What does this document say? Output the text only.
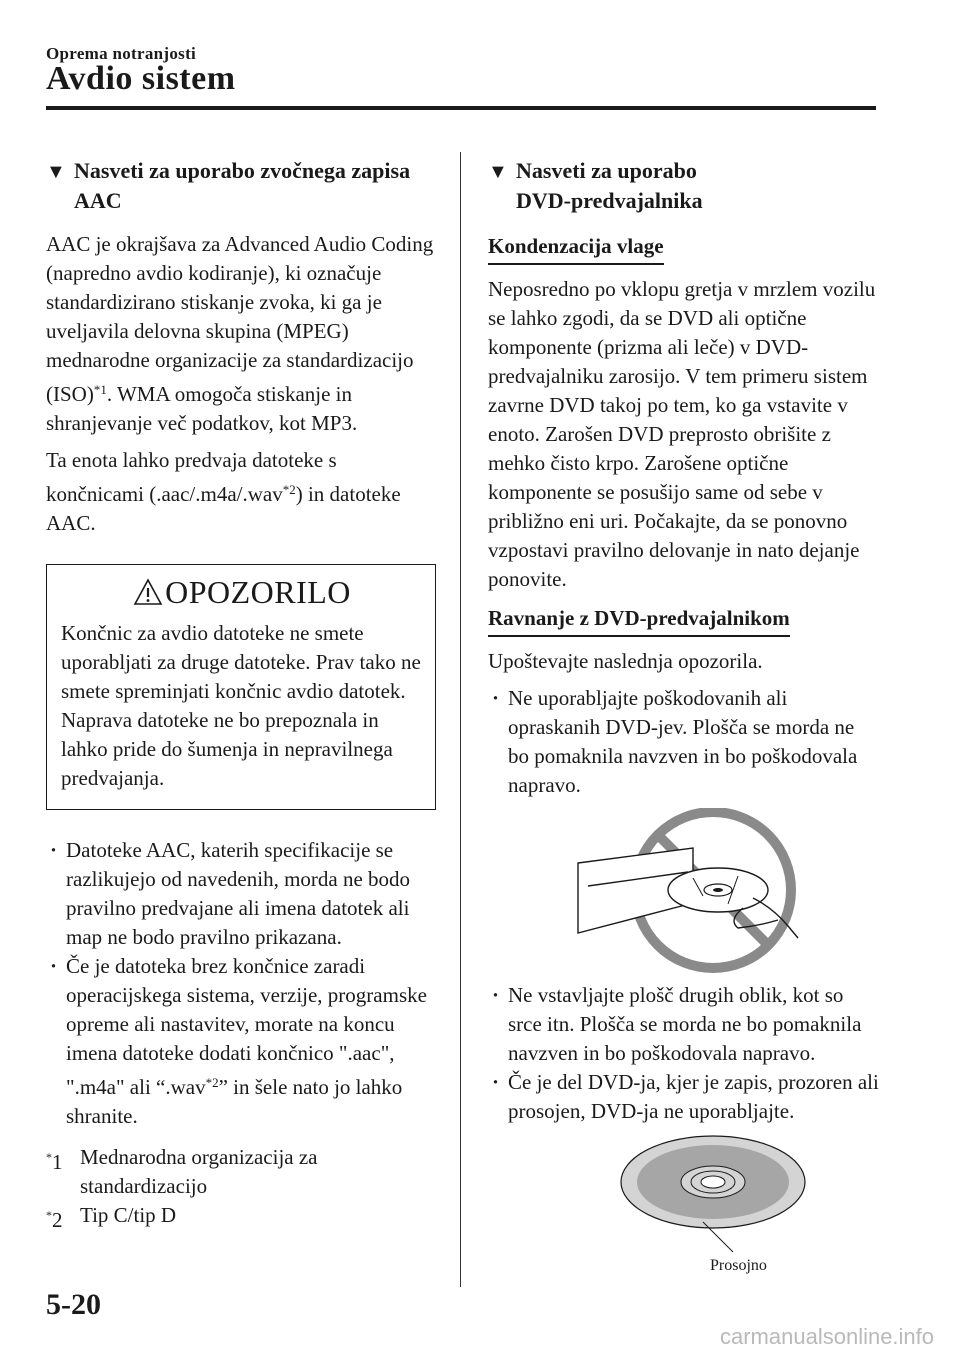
Oprema notranjosti
Avdio sistem
▼ Nasveti za uporabo zvočnega zapisa
AAC

AAC je okrajšava za Advanced Audio Coding (napredno avdio kodiranje), ki označuje standardizirano stiskanje zvoka, ki ga je uveljavila delovna skupina (MPEG) mednarodne organizacije za standardizacijo (ISO)$^{*1}$. WMA omogoča stiskanje in shranjevanje več podatkov, kot MP3.

Ta enota lahko predvaja datoteke s končnicami (.aac/.m4a/.wav$^{*2}$) in datoteke AAC.

OPOZORILO
Končnic za avdio datoteke ne smete uporabljati za druge datoteke. Prav tako ne smete spreminjati končnic avdio datotek. Naprava datoteke ne bo prepoznala in lahko pride do šumenja in nepravilnega predvajanja.
· Datoteke AAC, katerih specifikacije se razlikujejo od navedenih, morda ne bodo pravilno predvajane ali imena datotek ali map ne bodo pravilno prikazana.
· Če je datoteka brez končnice zaradi operacijskega sistema, verzije, programske opreme ali nastavitev, morate na koncu imena datoteke dodati končnico ".aac", ".m4a" ali “.wav$^{*2}$” in šele nato jo lahko shranite.
*1 Mednarodna organizacija za standardizacijo
*2 Tip C/tip D
▼ Nasveti za uporabo
DVD-predvajalnika
Kondenzacija vlage

Neposredno po vklopu gretja v mrzlem vozilu se lahko zgodi, da se DVD ali optične komponente (prizma ali leče) v DVD-predvajalniku zarosijo. V tem primeru sistem zavrne DVD takoj po tem, ko ga vstavite v enoto. Zarošen DVD preprosto obrišite z mehko čisto krpo. Zarošene optične komponente se posušijo same od sebe v približno eni uri. Počakajte, da se ponovno vzpostavi pravilno delovanje in nato dejanje ponovite.

Ravnanje z DVD-predvajalnikom

Upoštevajte naslednja opozorila.

· Ne uporabljajte poškodovanih ali opraskanih DVD-jev. Plošča se morda ne bo pomaknila navzven in bo poškodovala napravo.
· Ne vstavljajte plošč drugih oblik, kot so srce itn. Plošča se morda ne bo pomaknila navzven in bo poškodovala napravo.
· Če je del DVD-ja, kjer je zapis, prozoren ali prosojen, DVD-ja ne uporabljajte.
Prosojno
5-20
carmanualsonline.info
